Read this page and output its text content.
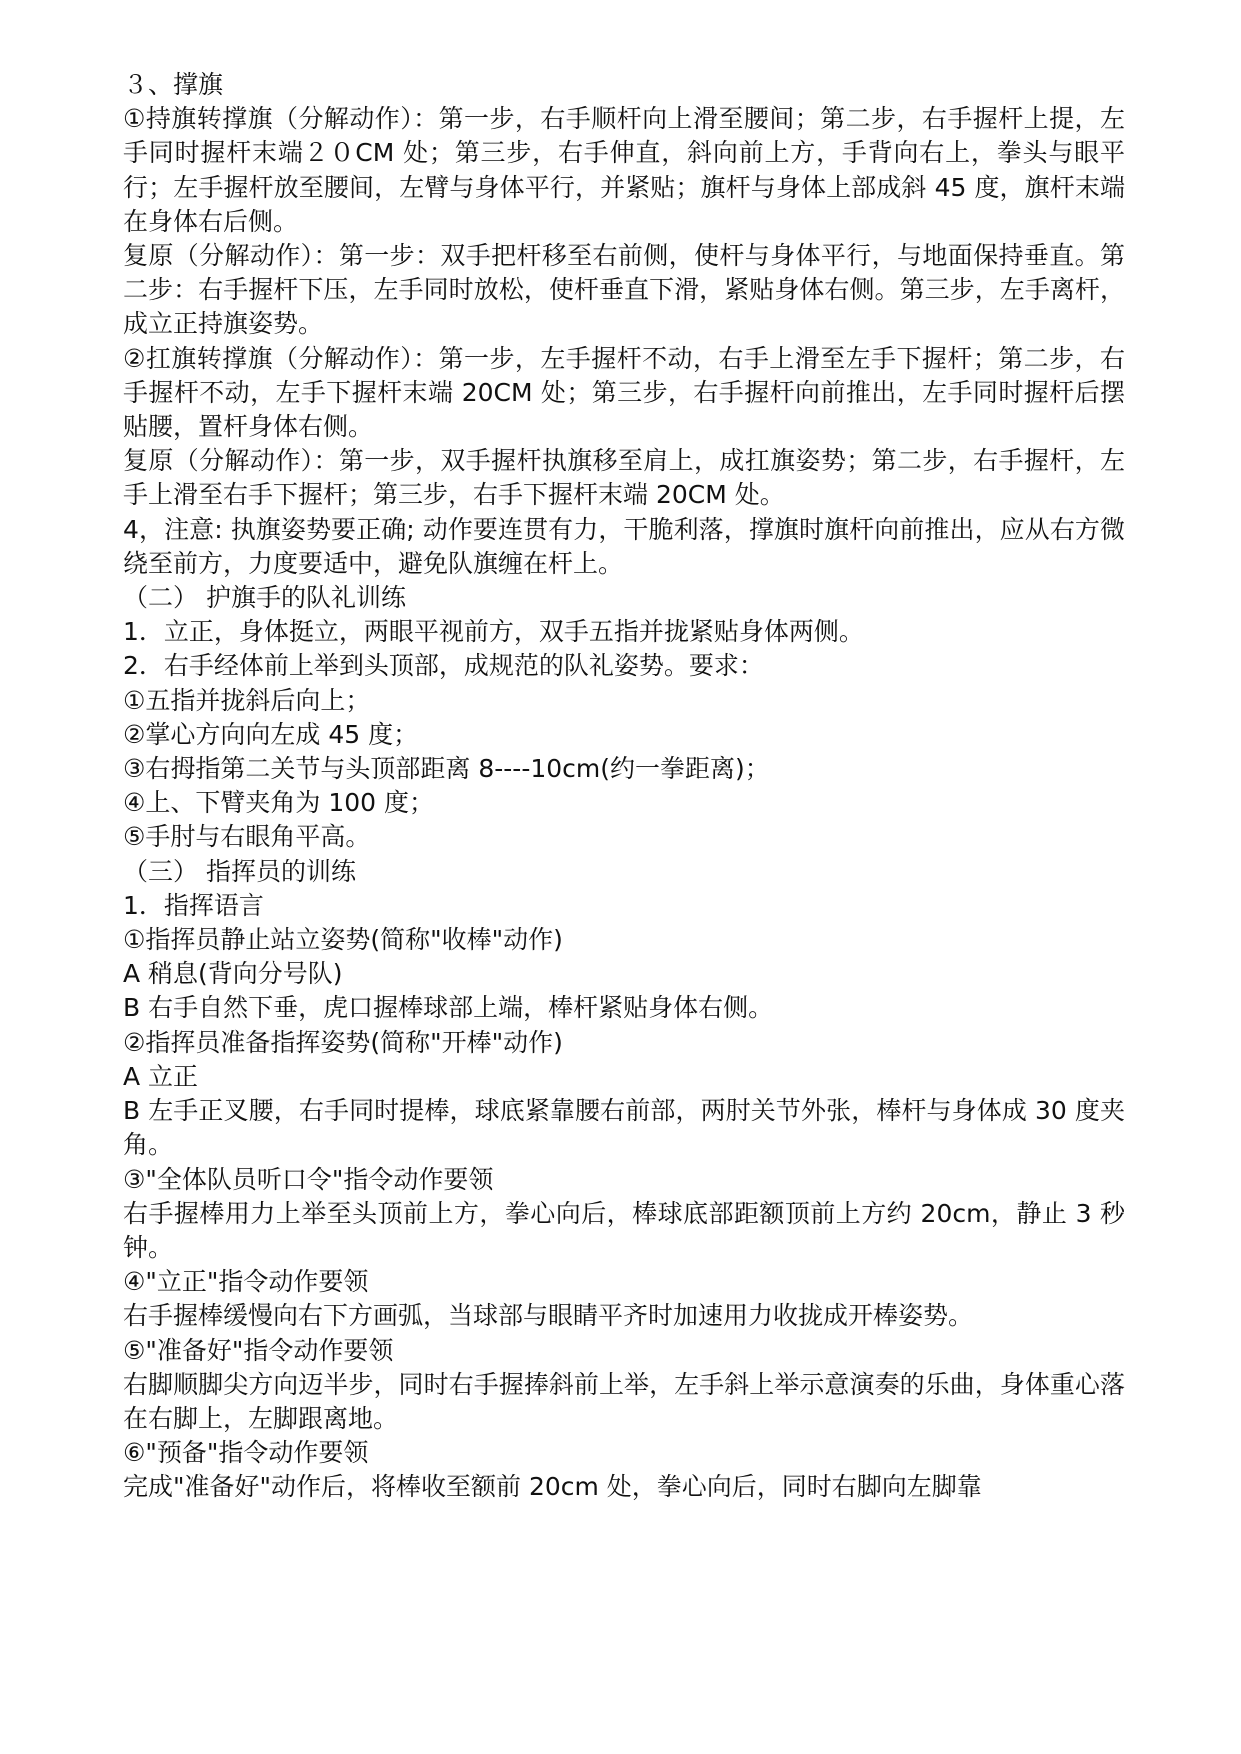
３、撑旗

①持旗转撑旗（分解动作）：第一步，右手顺杆向上滑至腰间；第二步，右手握杆上提，左手同时握杆末端２０CM 处；第三步，右手伸直，斜向前上方，手背向右上，拳头与眼平行；左手握杆放至腰间，左臂与身体平行，并紧贴；旗杆与身体上部成斜 45 度，旗杆末端在身体右后侧。

复原（分解动作）：第一步：双手把杆移至右前侧，使杆与身体平行，与地面保持垂直。第二步：右手握杆下压，左手同时放松，使杆垂直下滑，紧贴身体右侧。第三步，左手离杆，成立正持旗姿势。

②扛旗转撑旗（分解动作）：第一步，左手握杆不动，右手上滑至左手下握杆；第二步，右手握杆不动，左手下握杆末端 20CM 处；第三步，右手握杆向前推出，左手同时握杆后摆贴腰，置杆身体右侧。

复原（分解动作）：第一步，双手握杆执旗移至肩上，成扛旗姿势；第二步，右手握杆，左手上滑至右手下握杆；第三步，右手下握杆末端 20CM 处。

4，注意: 执旗姿势要正确; 动作要连贯有力，干脆利落，撑旗时旗杆向前推出，应从右方微绕至前方，力度要适中，避免队旗缠在杆上。

（二） 护旗手的队礼训练

1．立正，身体挺立，两眼平视前方，双手五指并拢紧贴身体两侧。

2．右手经体前上举到头顶部，成规范的队礼姿势。要求：

①五指并拢斜后向上；

②掌心方向向左成 45 度；

③右拇指第二关节与头顶部距离 8----10cm(约一拳距离)；

④上、下臂夹角为 100 度；

⑤手肘与右眼角平高。

（三） 指挥员的训练

1．指挥语言

①指挥员静止站立姿势(简称"收棒"动作)

A 稍息(背向分号队)

B 右手自然下垂，虎口握棒球部上端，棒杆紧贴身体右侧。

②指挥员准备指挥姿势(简称"开棒"动作)

A 立正

B 左手正叉腰，右手同时提棒，球底紧靠腰右前部，两肘关节外张，棒杆与身体成 30 度夹角。

③"全体队员听口令"指令动作要领

右手握棒用力上举至头顶前上方，拳心向后，棒球底部距额顶前上方约 20cm，静止 3 秒钟。

④"立正"指令动作要领

右手握棒缓慢向右下方画弧，当球部与眼睛平齐时加速用力收拢成开棒姿势。

⑤"准备好"指令动作要领

右脚顺脚尖方向迈半步，同时右手握捧斜前上举，左手斜上举示意演奏的乐曲，身体重心落在右脚上，左脚跟离地。

⑥"预备"指令动作要领

完成"准备好"动作后，将棒收至额前 20cm 处，拳心向后，同时右脚向左脚靠
